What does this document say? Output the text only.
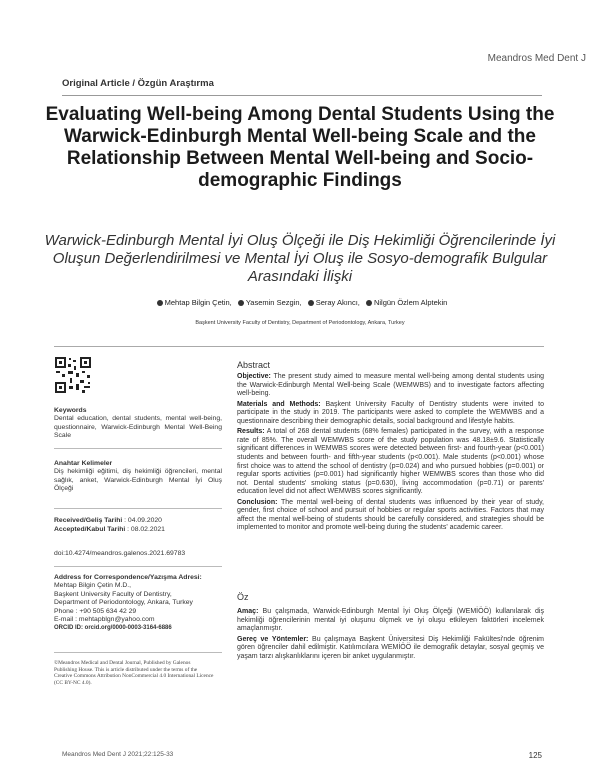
Meandros Med Dent J
Original Article / Özgün Araştırma
Evaluating Well-being Among Dental Students Using the Warwick-Edinburgh Mental Well-being Scale and the Relationship Between Mental Well-being and Socio-demographic Findings
Warwick-Edinburgh Mental İyi Oluş Ölçeği ile Diş Hekimliği Öğrencilerinde İyi Oluşun Değerlendirilmesi ve Mental İyi Oluş ile Sosyo-demografik Bulgular Arasındaki İlişki
Mehtap Bilgin Çetin, Yasemin Sezgin, Seray Akıncı, Nilgün Özlem Alptekin
Başkent University Faculty of Dentistry, Department of Periodontology, Ankara, Turkey
Keywords
Dental education, dental students, mental well-being, questionnaire, Warwick-Edinburgh Mental Well-Being Scale
Anahtar Kelimeler
Diş hekimliği eğitimi, diş hekimliği öğrencileri, mental sağlık, anket, Warwick-Edinburgh Mental İyi Oluş Ölçeği
Received/Geliş Tarihi : 04.09.2020
Accepted/Kabul Tarihi : 08.02.2021
doi:10.4274/meandros.galenos.2021.69783
Address for Correspondence/Yazışma Adresi:
Mehtap Bilgin Çetin M.D.,
Başkent University Faculty of Dentistry,
Department of Periodontology, Ankara, Turkey
Phone : +90 505 634 42 29
E-mail : mehtapblgn@yahoo.com
ORCID ID: orcid.org/0000-0003-3164-6886
©Meandros Medical and Dental Journal, Published by Galenos Publishing House. This is article distributed under the terms of the Creative Commons Attribution NonCommercial 4.0 International Licence (CC BY-NC 4.0).
Abstract

Objective: The present study aimed to measure mental well-being among dental students using the Warwick-Edinburgh Mental Well-being Scale (WEMWBS) and to investigate factors affecting well-being.

Materials and Methods: Başkent University Faculty of Dentistry students were invited to participate in the study in 2019. The participants were asked to complete the WEMWBS and a questionnaire describing their demographic details, social background and lifestyle habits.

Results: A total of 268 dental students (68% females) participated in the survey, with a response rate of 85%. The overall WEMWBS score of the study population was 48.18±9.6. Statistically significant differences in WEMWBS scores were detected between first- and fourth-year (p<0.001) students and between fourth- and fifth-year students (p<0.001). Male students (p<0.001) whose first choice was to attend the school of dentistry (p=0.024) and who pursued hobbies (p=0.001) or regular sports activities (p=0.001) had significantly higher WEMWBS scores than those who did not. Dental students' smoking status (p=0.630), living accommodation (p=0.71) or parents' education level did not affect WEMWBS scores significantly.

Conclusion: The mental well-being of dental students was influenced by their year of study, gender, first choice of school and pursuit of hobbies or regular sports activities. Factors that may affect the mental well-being of students should be carefully considered, and strategies should be implemented to monitor and promote well-being during the students' academic career.

Öz

Amaç: Bu çalışmada, Warwick-Edinburgh Mental İyi Oluş Ölçeği (WEMİÖÖ) kullanılarak diş hekimliği öğrencilerinin mental iyi oluşunu ölçmek ve iyi oluşu etkileyen faktörleri incelemek amaçlanmıştır.

Gereç ve Yöntemler: Bu çalışmaya Başkent Üniversitesi Diş Hekimliği Fakültesi'nde öğrenim gören öğrenciler dahil edilmiştir. Katılımcılara WEMİÖÖ ile demografik detaylar, sosyal geçmiş ve yaşam tarzı alışkanlıklarını içeren bir anket uygulanmıştır.

Meandros Med Dent J 2021;22:125-33	125
